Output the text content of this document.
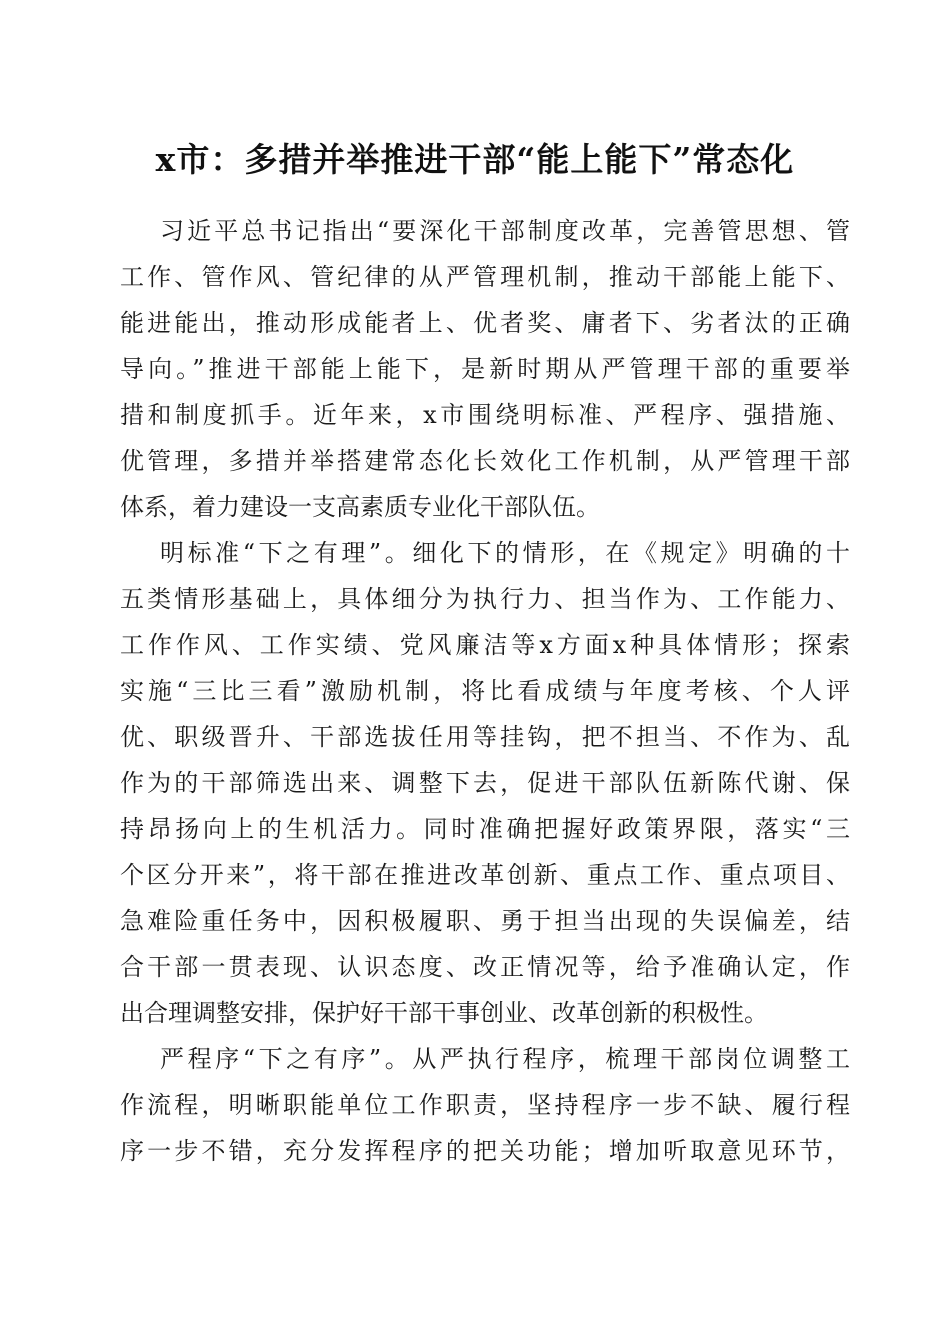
x市：多措并举推进干部“能上能下”常态化
习近平总书记指出“要深化干部制度改革，完善管思想、管
工作、管作风、管纪律的从严管理机制，推动干部能上能下、
能进能出，推动形成能者上、优者奖、庸者下、劣者汰的正确
导向。”推进干部能上能下，是新时期从严管理干部的重要举
措和制度抓手。近年来，x市围绕明标准、严程序、强措施、
优管理，多措并举搭建常态化长效化工作机制，从严管理干部
体系，着力建设一支高素质专业化干部队伍。
明标准“下之有理”。细化下的情形，在《规定》明确的十
五类情形基础上，具体细分为执行力、担当作为、工作能力、
工作作风、工作实绩、党风廉洁等x方面x种具体情形；探索
实施“三比三看”激励机制，将比看成绩与年度考核、个人评
优、职级晋升、干部选拔任用等挂钩，把不担当、不作为、乱
作为的干部筛选出来、调整下去，促进干部队伍新陈代谢、保
持昂扬向上的生机活力。同时准确把握好政策界限，落实“三
个区分开来”，将干部在推进改革创新、重点工作、重点项目、
急难险重任务中，因积极履职、勇于担当出现的失误偏差，结
合干部一贯表现、认识态度、改正情况等，给予准确认定，作
出合理调整安排，保护好干部干事创业、改革创新的积极性。
严程序“下之有序”。从严执行程序，梳理干部岗位调整工
作流程，明晰职能单位工作职责，坚持程序一步不缺、履行程
序一步不错，充分发挥程序的把关功能；增加听取意见环节，
